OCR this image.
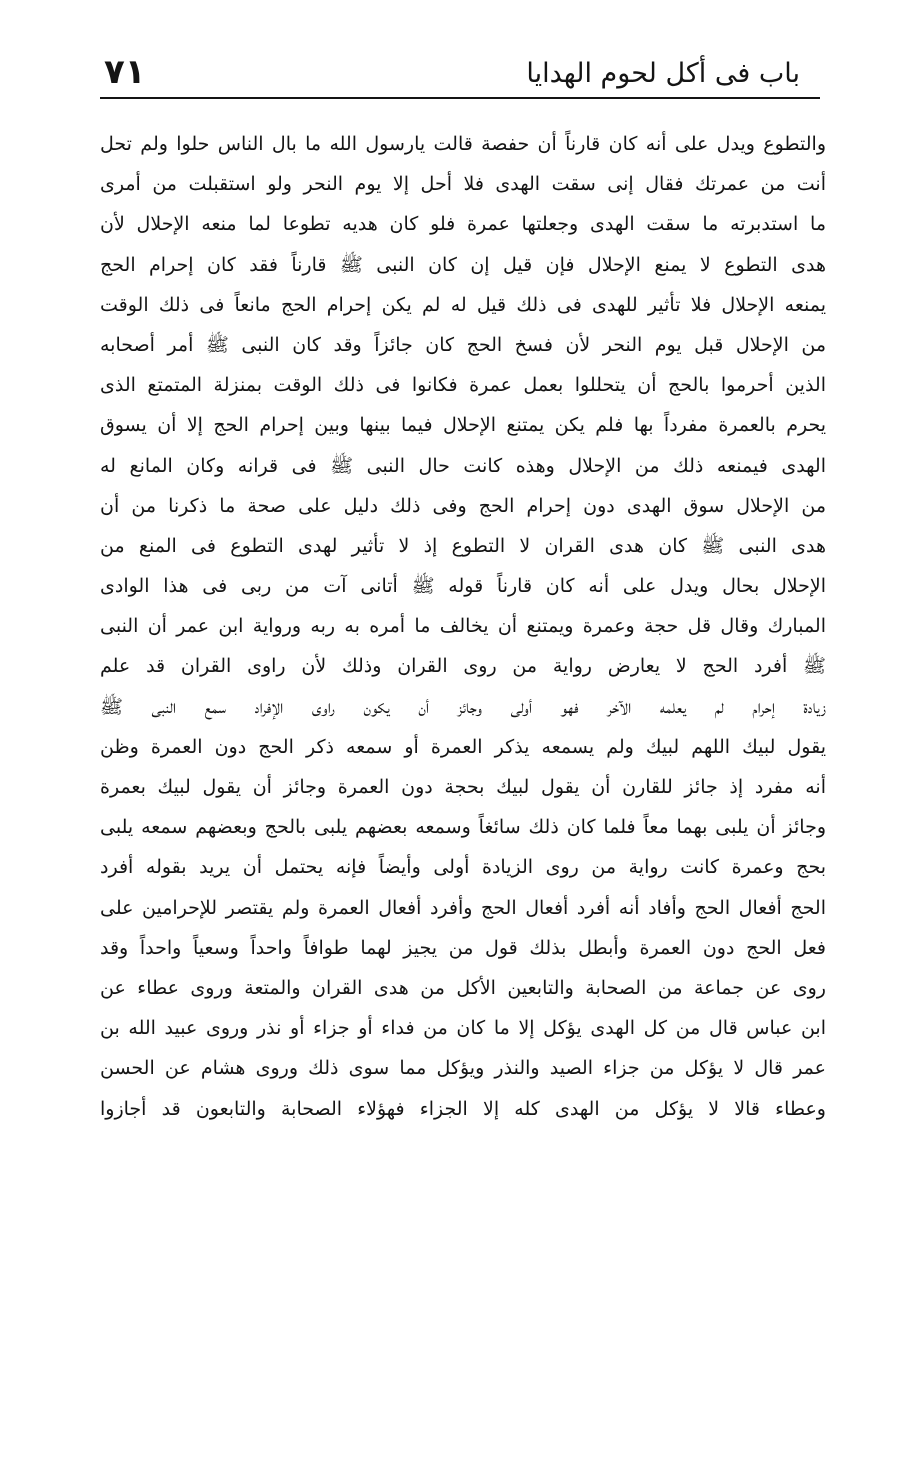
باب فى أكل لحوم الهدايا
٧١
والتطوع ويدل على أنه كان قارناً أن حفصة قالت يارسول الله ما بال الناس حلوا ولم تحل
أنت من عمرتك فقال إنى سقت الهدى فلا أحل إلا يوم النحر ولو استقبلت من أمرى
ما استدبرته ما سقت الهدى وجعلتها عمرة فلو كان هديه تطوعا لما منعه الإحلال لأن
هدى التطوع لا يمنع الإحلال فإن قيل إن كان النبى ﷺ قارناً فقد كان إحرام الحج
يمنعه الإحلال فلا تأثير للهدى فى ذلك قيل له لم يكن إحرام الحج مانعاً فى ذلك الوقت
من الإحلال قبل يوم النحر لأن فسخ الحج كان جائزاً وقد كان النبى ﷺ أمر أصحابه
الذين أحرموا بالحج أن يتحللوا بعمل عمرة فكانوا فى ذلك الوقت بمنزلة المتمتع الذى
يحرم بالعمرة مفرداً بها فلم يكن يمتنع الإحلال فيما بينها وبين إحرام الحج إلا أن يسوق
الهدى فيمنعه ذلك من الإحلال وهذه كانت حال النبى ﷺ فى قرانه وكان المانع له
من الإحلال سوق الهدى دون إحرام الحج وفى ذلك دليل على صحة ما ذكرنا من أن
هدى النبى ﷺ كان هدى القران لا التطوع إذ لا تأثير لهدى التطوع فى المنع من
الإحلال بحال ويدل على أنه كان قارناً قوله ﷺ أتانى آت من ربى فى هذا الوادى
المبارك وقال قل حجة وعمرة ويمتنع أن يخالف ما أمره به ربه ورواية ابن عمر أن النبى
ﷺ أفرد الحج لا يعارض رواية من روى القران وذلك لأن راوى القران قد علم
زيادة إحرام لم يعلمه الآخر فهو أولى وجائز أن يكون راوى الإفراد سمع النبى ﷺ
يقول لبيك اللهم لبيك ولم يسمعه يذكر العمرة أو سمعه ذكر الحج دون العمرة وظن
أنه مفرد إذ جائز للقارن أن يقول لبيك بحجة دون العمرة وجائز أن يقول لبيك بعمرة
وجائز أن يلبى بهما معاً فلما كان ذلك سائغاً وسمعه بعضهم يلبى بالحج وبعضهم سمعه يلبى
بحج وعمرة كانت رواية من روى الزيادة أولى وأيضاً فإنه يحتمل أن يريد بقوله أفرد
الحج أفعال الحج وأفاد أنه أفرد أفعال الحج وأفرد أفعال العمرة ولم يقتصر للإحرامين على
فعل الحج دون العمرة وأبطل بذلك قول من يجيز لهما طوافاً واحداً وسعياً واحداً وقد
روى عن جماعة من الصحابة والتابعين الأكل من هدى القران والمتعة وروى عطاء عن
ابن عباس قال من كل الهدى يؤكل إلا ما كان من فداء أو جزاء أو نذر وروى عبيد الله بن
عمر قال لا يؤكل من جزاء الصيد والنذر ويؤكل مما سوى ذلك وروى هشام عن الحسن
وعطاء قالا لا يؤكل من الهدى كله إلا الجزاء فهؤلاء الصحابة والتابعون قد أجازوا
